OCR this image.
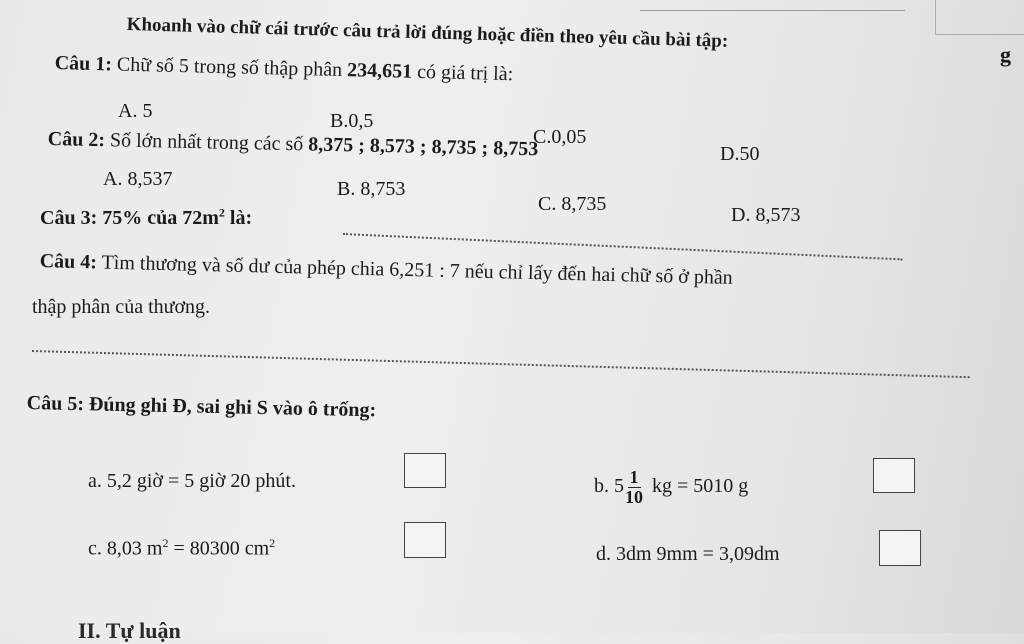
g
Khoanh vào chữ cái trước câu trả lời đúng hoặc điền theo yêu cầu bài tập:
Câu 1: Chữ số 5 trong số thập phân 234,651 có giá trị là:
A. 5	B.0,5
C.0,05
D.50
Câu 2: Số lớn nhất trong các số 8,375 ; 8,573 ; 8,735 ; 8,753
A. 8,537	B. 8,753
C. 8,735	D. 8,573
Câu 3: 75% của $72m^2$ là:
Câu 4: Tìm thương và số dư của phép chia 6,251 : 7 nếu chỉ lấy đến hai chữ số ở phần
thập phân của thương.
Câu 5: Đúng ghi Đ, sai ghi S vào ô trống:
a. 5,2 giờ = 5 giờ 20 phút.	b. $5 \frac{1}{10}$ kg = 5010 g
c. 8,03 $m^2 = 80300$ $cm^2$	d. 3dm 9mm = 3,09dm
II. Tự luận
